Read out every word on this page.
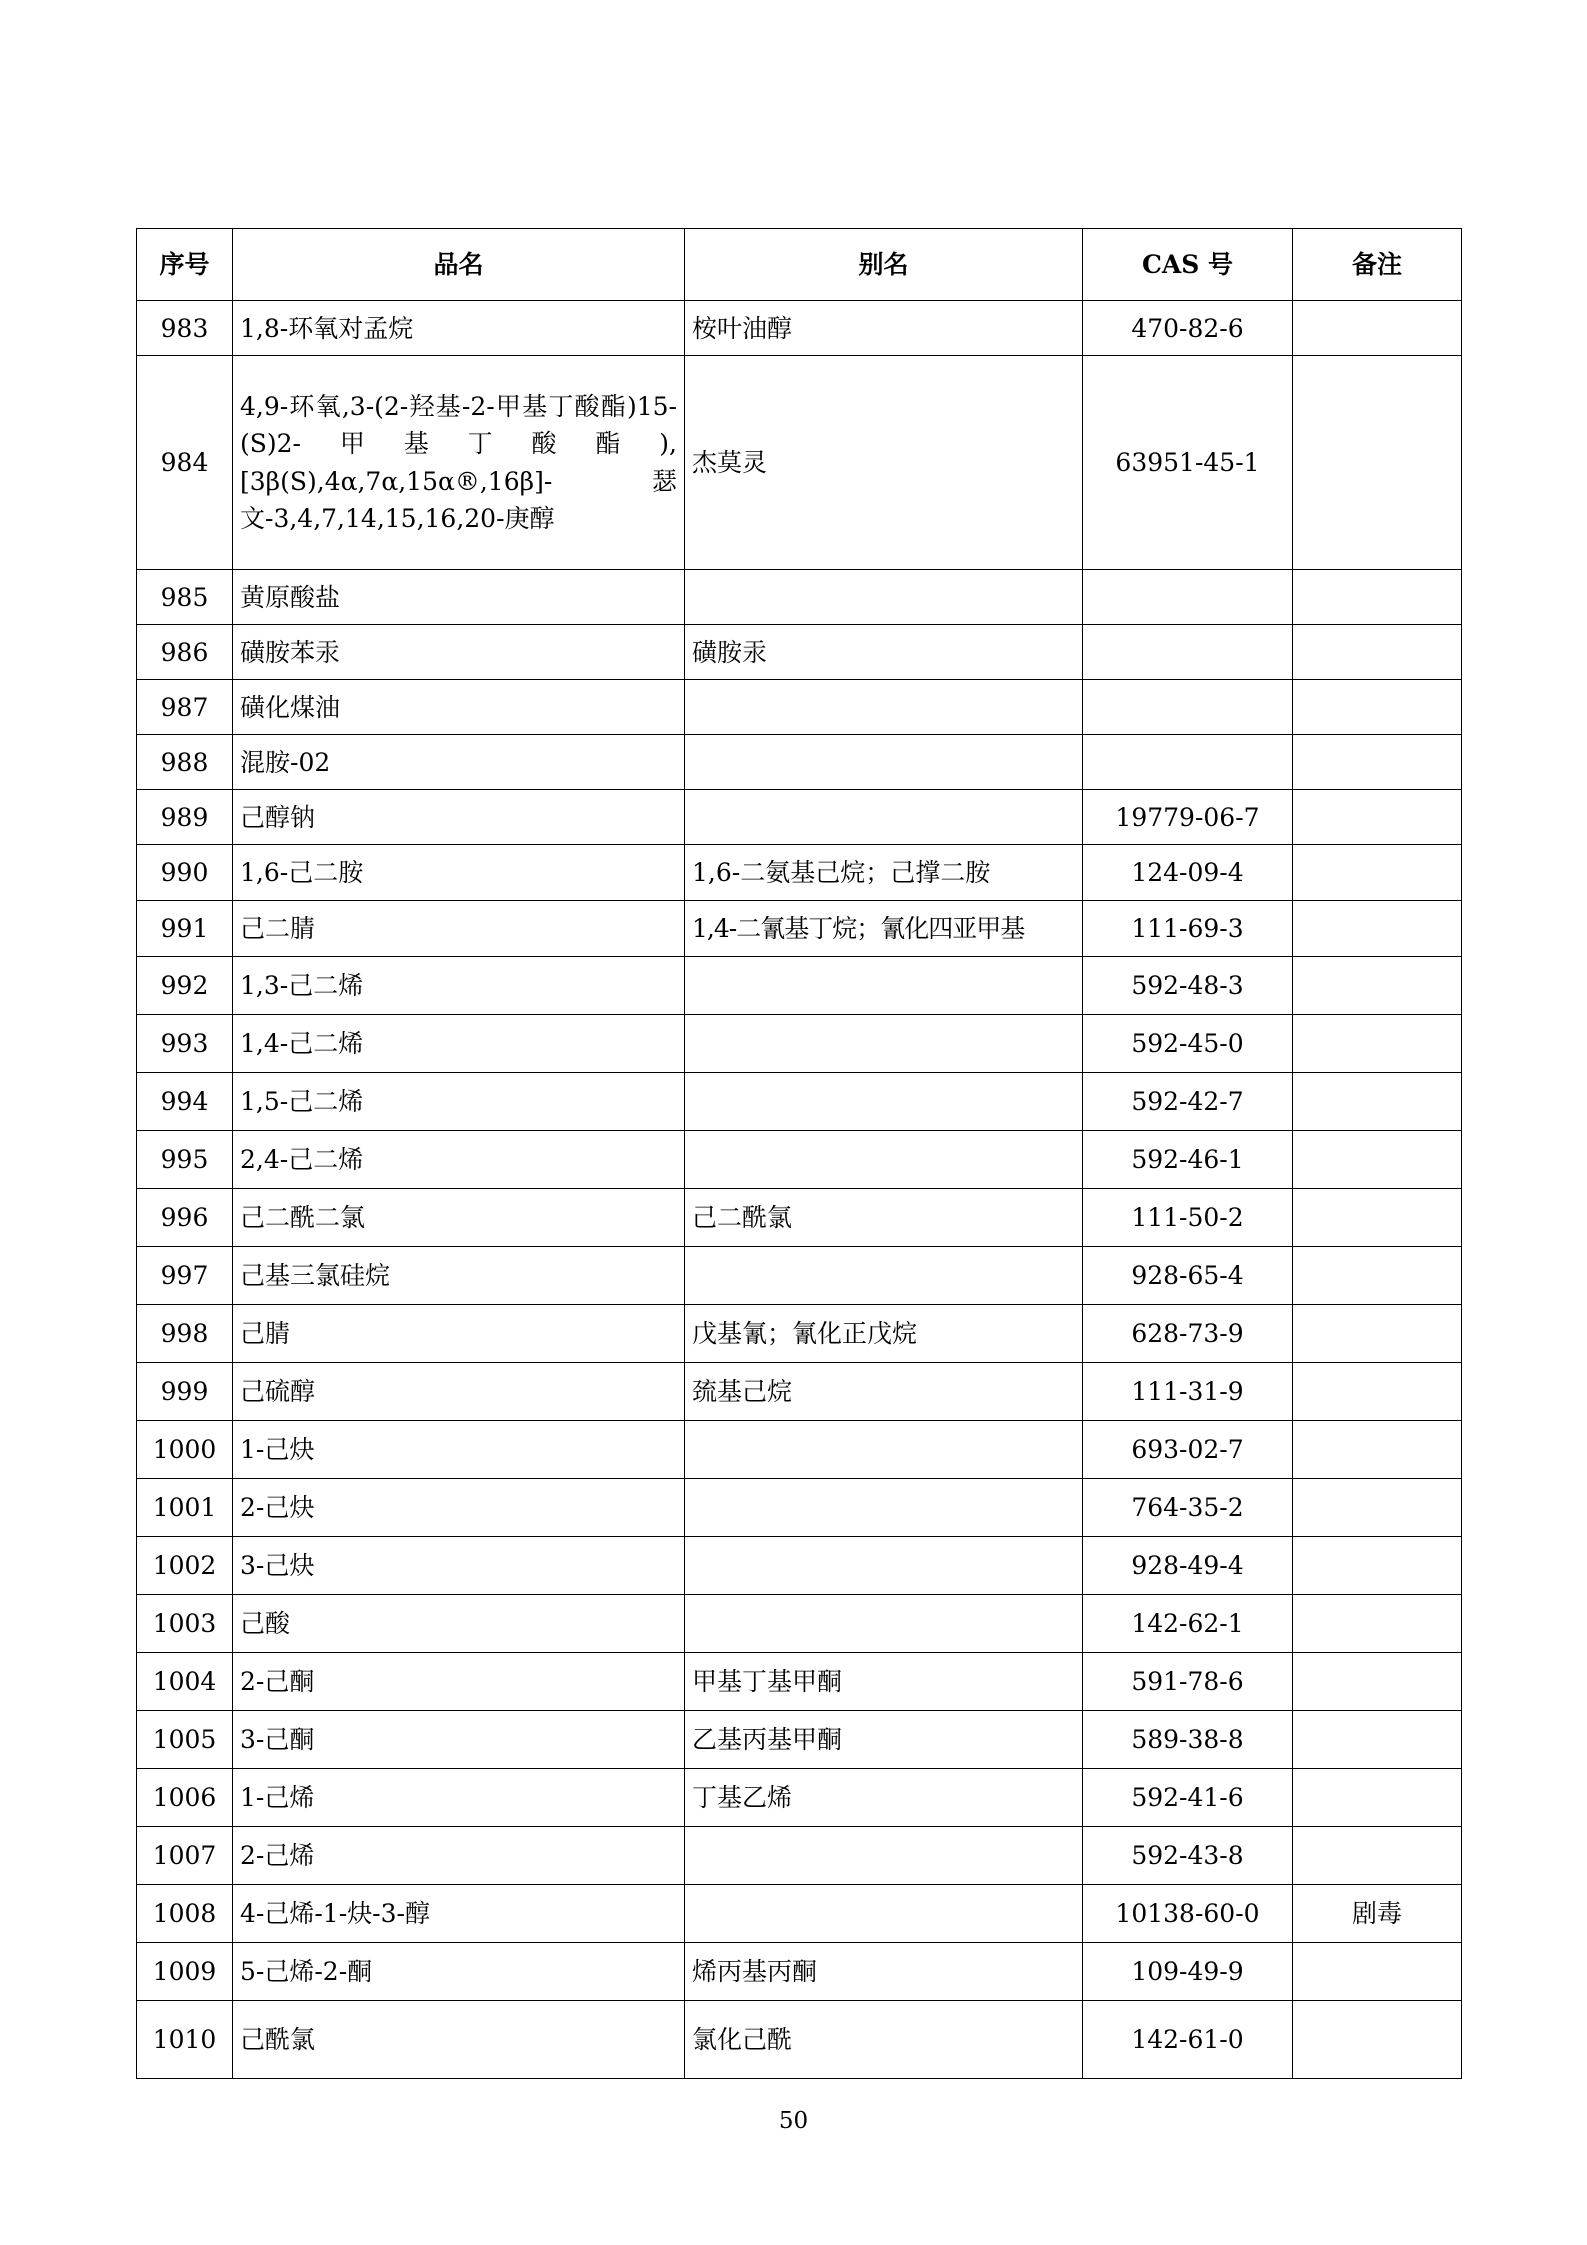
序号	品名	别名	CAS 号	备注
983	1,8-环氧对孟烷	桉叶油醇	470-82-6	
984	4,9-环氧,3-(2-羟基-2-甲基丁酸酯)15-(S)2-甲基丁酸酯),[3β(S),4α,7α,15α®,16β]-瑟文-3,4,7,14,15,16,20-庚醇	杰莫灵	63951-45-1	
985	黄原酸盐			
986	磺胺苯汞	磺胺汞		
987	磺化煤油			
988	混胺-02			
989	己醇钠		19779-06-7	
990	1,6-己二胺	1,6-二氨基己烷；己撑二胺	124-09-4	
991	己二腈	1,4-二氰基丁烷；氰化四亚甲基	111-69-3	
992	1,3-己二烯		592-48-3	
993	1,4-己二烯		592-45-0	
994	1,5-己二烯		592-42-7	
995	2,4-己二烯		592-46-1	
996	己二酰二氯	己二酰氯	111-50-2	
997	己基三氯硅烷		928-65-4	
998	己腈	戊基氰；氰化正戊烷	628-73-9	
999	己硫醇	巯基己烷	111-31-9	
1000	1-己炔		693-02-7	
1001	2-己炔		764-35-2	
1002	3-己炔		928-49-4	
1003	己酸		142-62-1	
1004	2-己酮	甲基丁基甲酮	591-78-6	
1005	3-己酮	乙基丙基甲酮	589-38-8	
1006	1-己烯	丁基乙烯	592-41-6	
1007	2-己烯		592-43-8	
1008	4-己烯-1-炔-3-醇		10138-60-0	剧毒
1009	5-己烯-2-酮	烯丙基丙酮	109-49-9	
1010	己酰氯	氯化己酰	142-61-0	
50
